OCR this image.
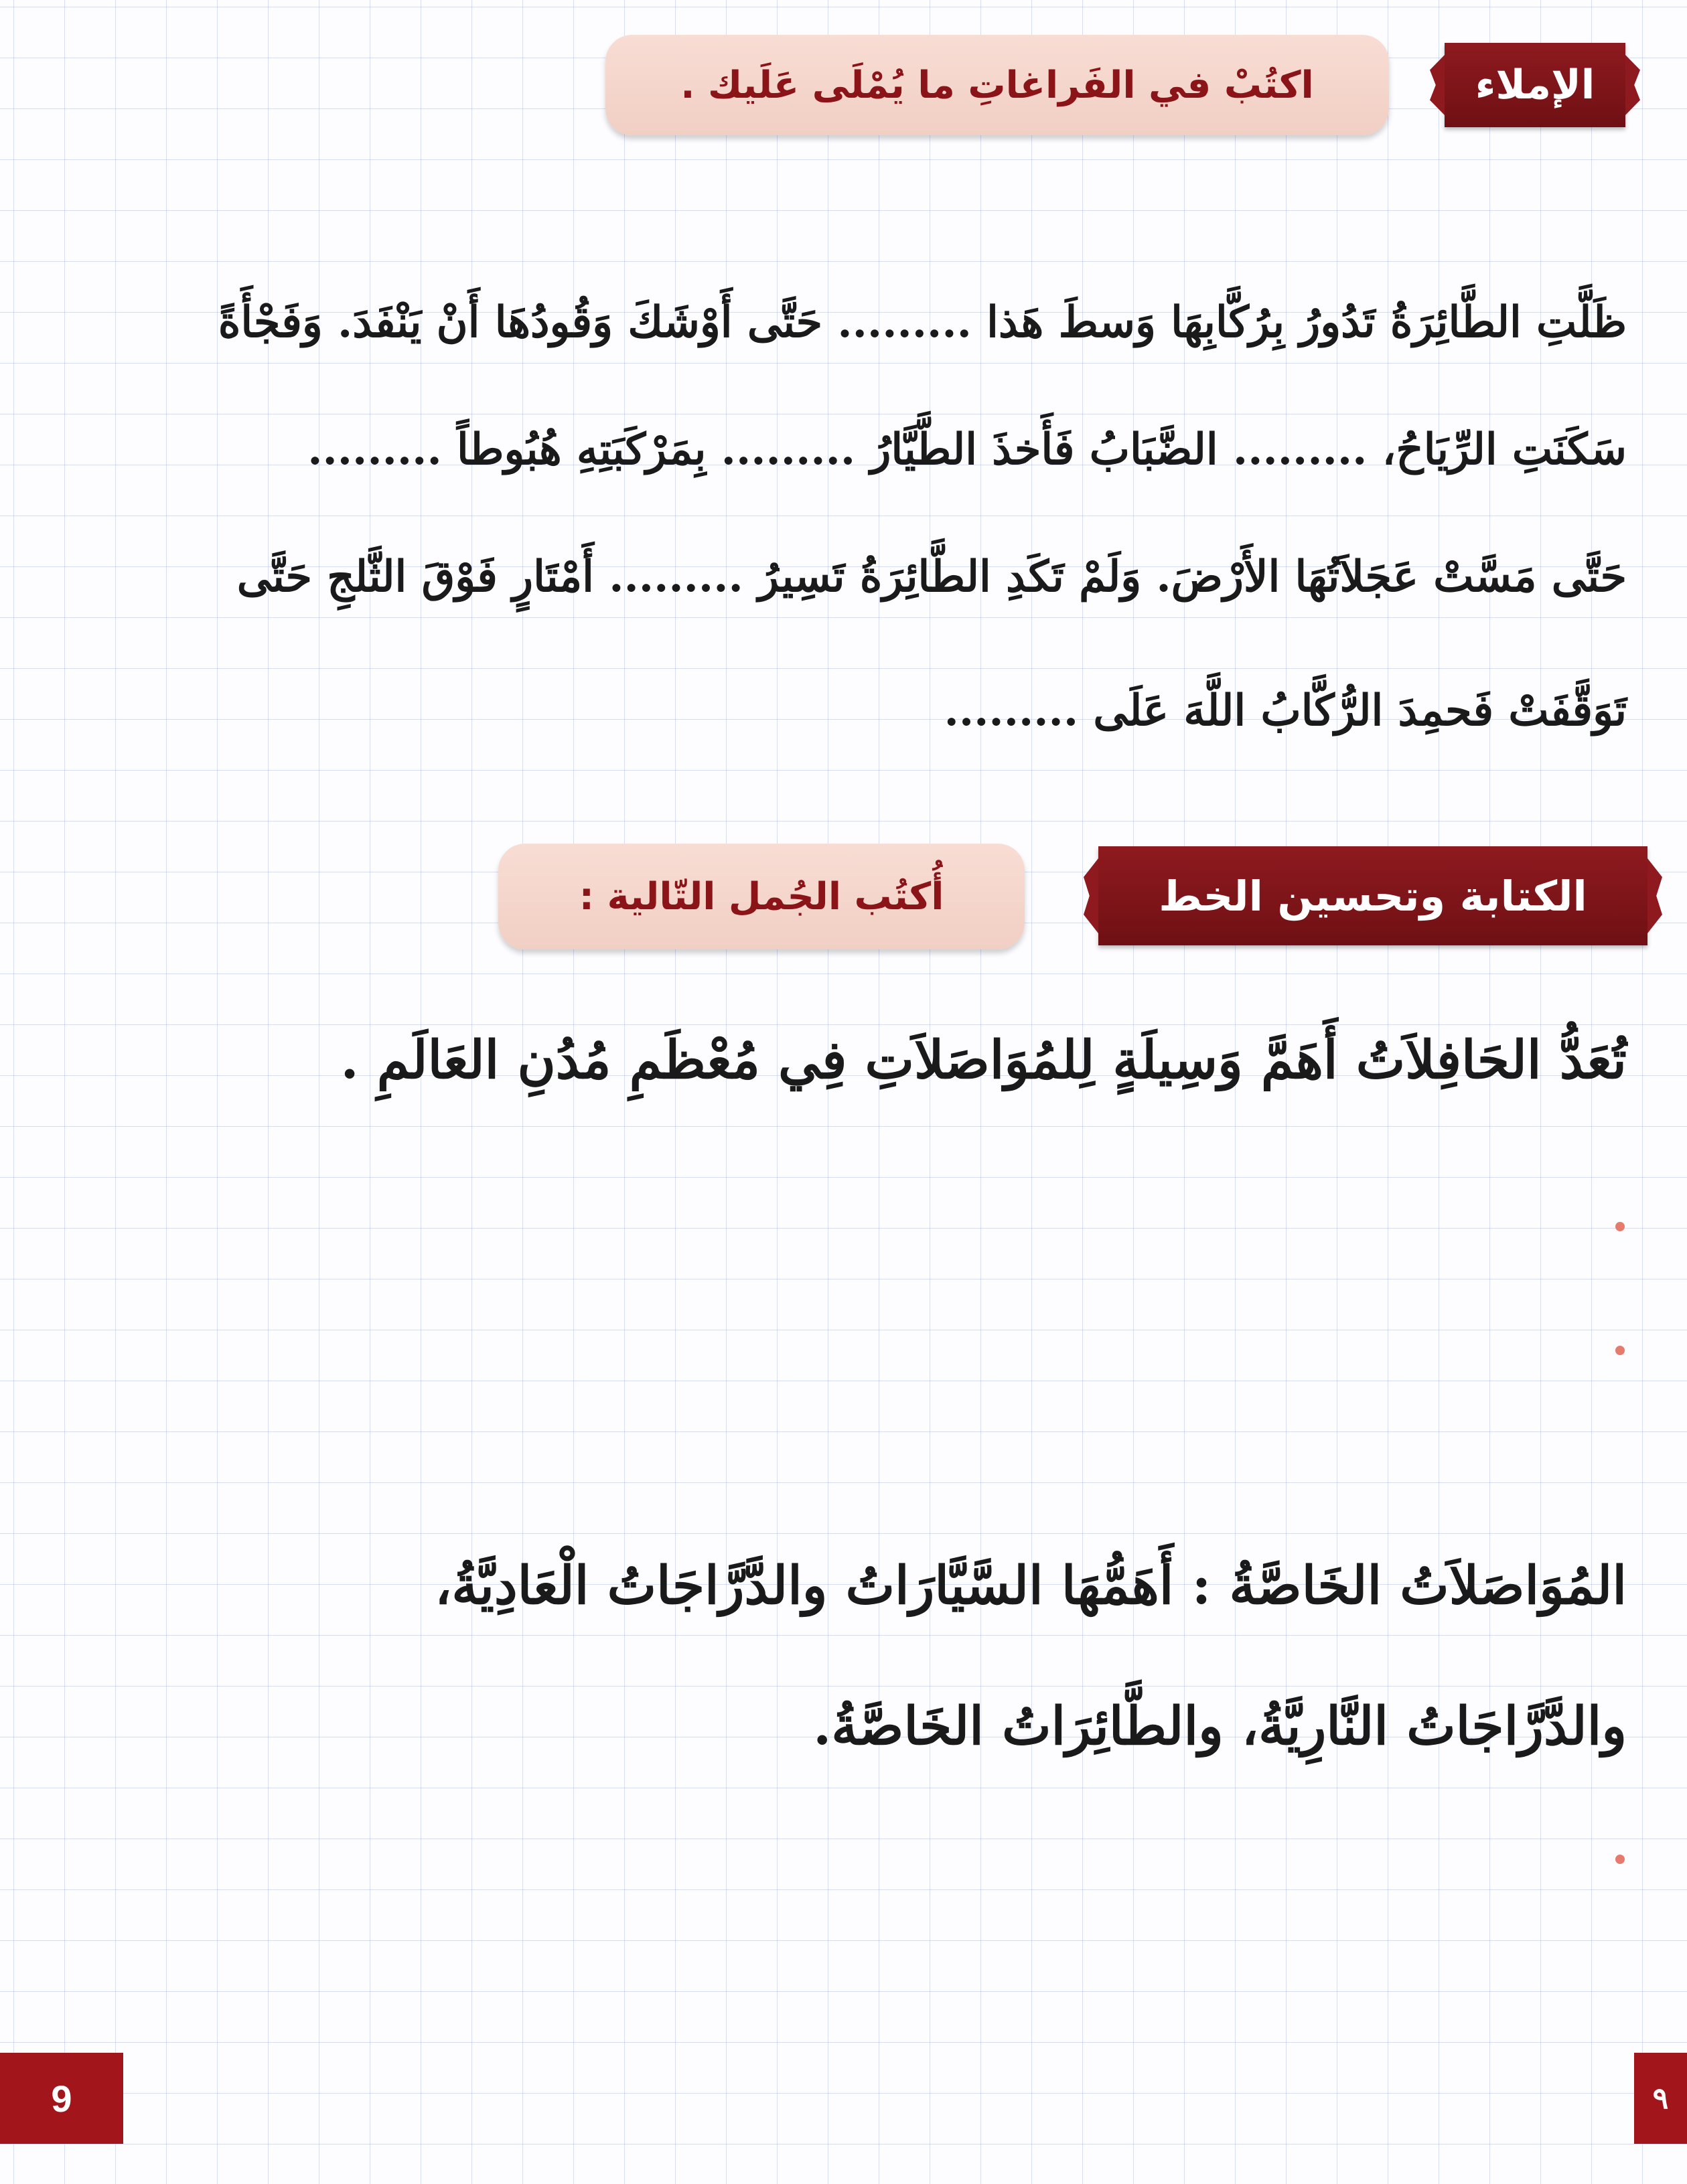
الإملاء
اكتُبْ في الفَراغاتِ ما يُمْلَى عَلَيك .
ظَلَّتِ الطَّائِرَةُ تَدُورُ بِرُكَّابِهَا وَسطَ هَذا ......... حَتَّى أَوْشَكَ وَقُودُهَا أَنْ يَنْفَدَ. وَفَجْأَةً
سَكَنَتِ الرِّيَاحُ، ......... الضَّبَابُ فَأَخذَ الطَّيَّارُ ......... بِمَرْكَبَتِهِ هُبُوطاً .........
حَتَّى مَسَّتْ عَجَلاَتُهَا الأَرْضَ. وَلَمْ تَكَدِ الطَّائِرَةُ تَسِيرُ ......... أَمْتَارٍ فَوْقَ الثَّلجِ حَتَّى
تَوَقَّفَتْ فَحمِدَ الرُّكَّابُ اللَّهَ عَلَى .........
الكتابة وتحسين الخط
أُكتُب الجُمل التّالية :
تُعَدُّ الحَافِلاَتُ أَهَمَّ وَسِيلَةٍ لِلمُوَاصَلاَتِ فِي مُعْظَمِ مُدُنِ العَالَمِ .
المُوَاصَلاَتُ الخَاصَّةُ : أَهَمُّهَا السَّيَّارَاتُ والدَّرَّاجَاتُ الْعَادِيَّةُ،
والدَّرَّاجَاتُ النَّارِيَّةُ، والطَّائِرَاتُ الخَاصَّةُ.
9	٩
